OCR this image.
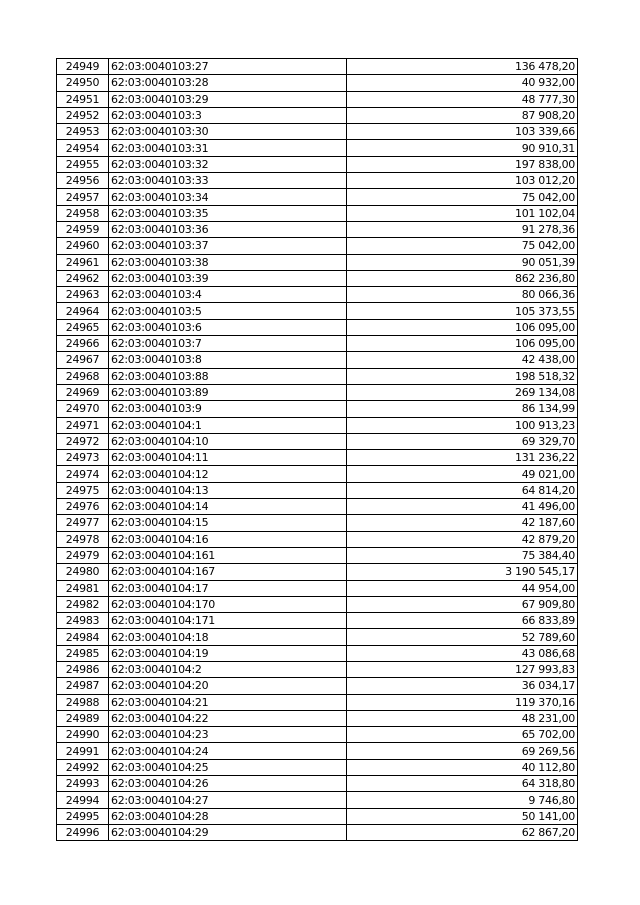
24949	62:03:0040103:27	136 478,20
24950	62:03:0040103:28	40 932,00
24951	62:03:0040103:29	48 777,30
24952	62:03:0040103:3	87 908,20
24953	62:03:0040103:30	103 339,66
24954	62:03:0040103:31	90 910,31
24955	62:03:0040103:32	197 838,00
24956	62:03:0040103:33	103 012,20
24957	62:03:0040103:34	75 042,00
24958	62:03:0040103:35	101 102,04
24959	62:03:0040103:36	91 278,36
24960	62:03:0040103:37	75 042,00
24961	62:03:0040103:38	90 051,39
24962	62:03:0040103:39	862 236,80
24963	62:03:0040103:4	80 066,36
24964	62:03:0040103:5	105 373,55
24965	62:03:0040103:6	106 095,00
24966	62:03:0040103:7	106 095,00
24967	62:03:0040103:8	42 438,00
24968	62:03:0040103:88	198 518,32
24969	62:03:0040103:89	269 134,08
24970	62:03:0040103:9	86 134,99
24971	62:03:0040104:1	100 913,23
24972	62:03:0040104:10	69 329,70
24973	62:03:0040104:11	131 236,22
24974	62:03:0040104:12	49 021,00
24975	62:03:0040104:13	64 814,20
24976	62:03:0040104:14	41 496,00
24977	62:03:0040104:15	42 187,60
24978	62:03:0040104:16	42 879,20
24979	62:03:0040104:161	75 384,40
24980	62:03:0040104:167	3 190 545,17
24981	62:03:0040104:17	44 954,00
24982	62:03:0040104:170	67 909,80
24983	62:03:0040104:171	66 833,89
24984	62:03:0040104:18	52 789,60
24985	62:03:0040104:19	43 086,68
24986	62:03:0040104:2	127 993,83
24987	62:03:0040104:20	36 034,17
24988	62:03:0040104:21	119 370,16
24989	62:03:0040104:22	48 231,00
24990	62:03:0040104:23	65 702,00
24991	62:03:0040104:24	69 269,56
24992	62:03:0040104:25	40 112,80
24993	62:03:0040104:26	64 318,80
24994	62:03:0040104:27	9 746,80
24995	62:03:0040104:28	50 141,00
24996	62:03:0040104:29	62 867,20
